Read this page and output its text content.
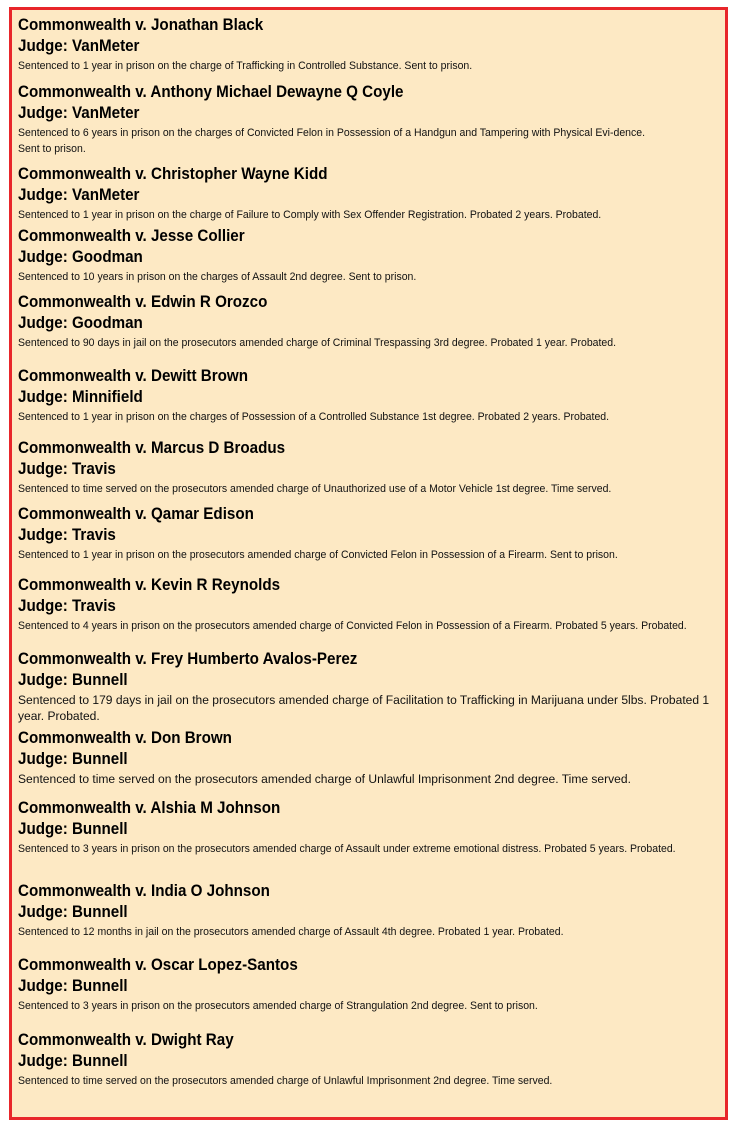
Commonwealth v. Jonathan Black
Judge: VanMeter
Sentenced to 1 year in prison on the charge of Trafficking in Controlled Substance. Sent to prison.
Commonwealth v. Anthony Michael Dewayne Q Coyle
Judge: VanMeter
Sentenced to 6 years in prison on the charges of Convicted Felon in Possession of a Handgun and Tampering with Physical Evi-dence. Sent to prison.
Commonwealth v. Christopher Wayne Kidd
Judge: VanMeter
Sentenced to 1 year in prison on the charge of Failure to Comply with Sex Offender Registration. Probated 2 years. Probated.
Commonwealth v. Jesse Collier
Judge: Goodman
Sentenced to 10 years in prison on the charges of Assault 2nd degree. Sent to prison.
Commonwealth v. Edwin R Orozco
Judge: Goodman
Sentenced to 90 days in jail on the prosecutors amended charge of Criminal Trespassing 3rd degree. Probated 1 year. Probated.
Commonwealth v. Dewitt Brown
Judge: Minnifield
Sentenced to 1 year in prison on the charges of Possession of a Controlled Substance 1st degree. Probated 2 years. Probated.
Commonwealth v. Marcus D Broadus
Judge: Travis
Sentenced to time served on the prosecutors amended charge of Unauthorized use of a Motor Vehicle 1st degree. Time served.
Commonwealth v. Qamar Edison
Judge: Travis
Sentenced to 1 year in prison on the prosecutors amended charge of Convicted Felon in Possession of a Firearm. Sent to prison.
Commonwealth v. Kevin R Reynolds
Judge: Travis
Sentenced to 4 years in prison on the prosecutors amended charge of Convicted Felon in Possession of a Firearm. Probated 5 years. Probated.
Commonwealth v. Frey Humberto Avalos-Perez
Judge: Bunnell
Sentenced to 179 days in jail on the prosecutors amended charge of Facilitation to Trafficking in Marijuana under 5lbs. Probated 1 year. Probated.
Commonwealth v. Don Brown
Judge: Bunnell
Sentenced to time served on the prosecutors amended charge of Unlawful Imprisonment 2nd degree. Time served.
Commonwealth v. Alshia M Johnson
Judge: Bunnell
Sentenced to 3 years in prison on the prosecutors amended charge of Assault under extreme emotional distress. Probated 5 years. Probated.
Commonwealth v. India O Johnson
Judge: Bunnell
Sentenced to 12 months in jail on the prosecutors amended charge of Assault 4th degree. Probated 1 year. Probated.
Commonwealth v. Oscar Lopez-Santos
Judge: Bunnell
Sentenced to 3 years in prison on the prosecutors amended charge of Strangulation 2nd degree. Sent to prison.
Commonwealth v. Dwight Ray
Judge: Bunnell
Sentenced to time served on the prosecutors amended charge of Unlawful Imprisonment 2nd degree. Time served.
